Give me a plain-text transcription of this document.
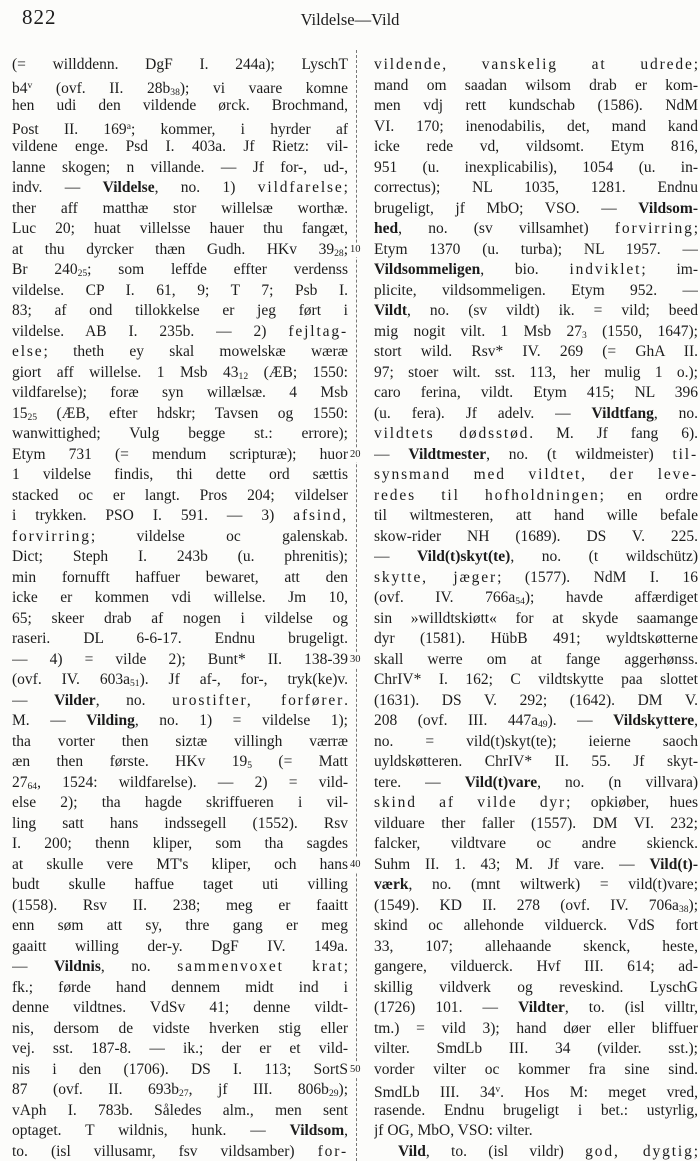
822	Vildelse—Vild
(= willddenn. DgF I. 244a); LyschT
b4$^v$ (ovf. II. 28b38); vi vaare komne
hen udi den vildende ørck. Brochmand,
Post II. 169$^a$; kommer, i hyrder af
vildene enge. Psd I. 403a. Jf Rietz: vil-
lanne skogen; n villande. — Jf for-, ud-,
indv. — Vildelse, no. 1) vildfarelse;
ther aff matthæ stor willelsæ worthæ.
Luc 20; huat villelsse hauer thu fangæt,
at thu dyrcker thæn Gudh. HKv 3928;
Br 24025; som leffde effter verdenss
vildelse. CP I. 61, 9; T 7; Psb I.
83; af ond tillokkelse er jeg ført i
vildelse. AB I. 235b. — 2) fejltag-
else; theth ey skal mowelskæ wæræ
giort aff willelse. 1 Msb 4312 (ÆB; 1550:
vildfarelse); foræ syn willælsæ. 4 Msb
1525 (ÆB, efter hdskr; Tavsen og 1550:
wanwittighed; Vulg begge st.: errore);
Etym 731 (= mendum scripturæ); huor
1 vildelse findis, thi dette ord sættis
stacked oc er langt. Pros 204; vildelser
i trykken. PSO I. 591. — 3) afsind,
forvirring; vildelse oc galenskab.
Dict; Steph I. 243b (u. phrenitis);
min fornufft haffuer bewaret, att den
icke er kommen vdi willelse. Jm 10,
65; skeer drab af nogen i vildelse og
raseri. DL 6-6-17. Endnu brugeligt.
— 4) = vilde 2); Bunt* II. 138-39
(ovf. IV. 603a51). Jf af-, for-, tryk(ke)v.
— Vilder, no. urostifter, forfører.
M. — Vilding, no. 1) = vildelse 1);
tha vorter then siztæ villingh værræ
æn then første. HKv 195 (= Matt
2764, 1524: wildfarelse). — 2) = vild-
else 2); tha hagde skriffueren i vil-
ling satt hans indssegell (1552). Rsv
I. 200; thenn kliper, som tha sagdes
at skulle vere MT's kliper, och hans
budt skulle haffue taget uti villing
(1558). Rsv II. 238; meg er faaitt
enn søm att sy, thre gang er meg
gaaitt willing der-y. DgF IV. 149a.
— Vildnis, no. sammenvoxet krat;
fk.; førde hand dennem midt ind i
denne vildtnes. VdSv 41; denne vildt-
nis, dersom de vidste hverken stig eller
vej. sst. 187-8. — ik.; der er et vild-
nis i den (1706). DS I. 113; SortS
87 (ovf. II. 693b27, jf III. 806b29);
vAph I. 783b. Således alm., men sent
optaget. T wildnis, hunk. — Vildsom,
to. (isl villusamr, fsv vildsamber) for-
vildende, vanskelig at udrede;
mand om saadan wilsom drab er kom-
men vdj rett kundschab (1586). NdM
VI. 170; inenodabilis, det, mand kand
icke rede vd, vildsomt. Etym 816,
951 (u. inexplicabilis), 1054 (u. in-
correctus); NL 1035, 1281. Endnu
brugeligt, jf MbO; VSO. — Vildsom-
hed, no. (sv villsamhet) forvirring;
Etym 1370 (u. turba); NL 1957. —
Vildsommeligen, bio. indviklet; im-
plicite, vildsommeligen. Etym 952. —
Vildt, no. (sv vildt) ik. = vild; beed
mig nogit vilt. 1 Msb 273 (1550, 1647);
stort wild. Rsv* IV. 269 (= GhA II.
97; stoer wilt. sst. 113, her mulig 1 o.);
caro ferina, vildt. Etym 415; NL 396
(u. fera). Jf adelv. — Vildtfang, no.
vildtets dødsstød. M. Jf fang 6).
— Vildtmester, no. (t wildmeister) til-
synsmand med vildtet, der leve-
redes til hofholdningen; en ordre
til wiltmesteren, att hand wille befale
skow-rider NH (1689). DS V. 225.
— Vild(t)skyt(te), no. (t wildschütz)
skytte, jæger; (1577). NdM I. 16
(ovf. IV. 766a54); havde affærdiget
sin »willdtskiøtt« for at skyde saamange
dyr (1581). HübB 491; wyldtskøtterne
skall werre om at fange aggerhønss.
ChrIV* I. 162; C vildtskytte paa slottet
(1631). DS V. 292; (1642). DM V.
208 (ovf. III. 447a49). — Vildskyttere,
no. = vild(t)skyt(te); ieierne saoch
uyldskøtteren. ChrIV* II. 55. Jf skyt-
tere. — Vild(t)vare, no. (n villvara)
skind af vilde dyr; opkiøber, hues
vilduare ther faller (1557). DM VI. 232;
falcker, vildtvare oc andre skienck.
Suhm II. 1. 43; M. Jf vare. — Vild(t)-
værk, no. (mnt wiltwerk) = vild(t)vare;
(1549). KD II. 278 (ovf. IV. 706a38);
skind oc allehonde vilduerck. VdS fort
33, 107; allehaande skenck, heste,
gangere, vilduerck. Hvf III. 614; ad-
skillig vildverk og reveskind. LyschG
(1726) 101. — Vildter, to. (isl villtr,
tm.) = vild 3); hand døer eller bliffuer
vilter. SmdLb III. 34 (vilder. sst.);
vorder vilter oc kommer fra sine sind.
SmdLb III. 34$^v$. Hos M: meget vred,
rasende. Endnu brugeligt i bet.: ustyrlig,
jf OG, MbO, VSO: vilter.
Vild, to. (isl vildr) god, dygtig;
10
20
30
40
50
